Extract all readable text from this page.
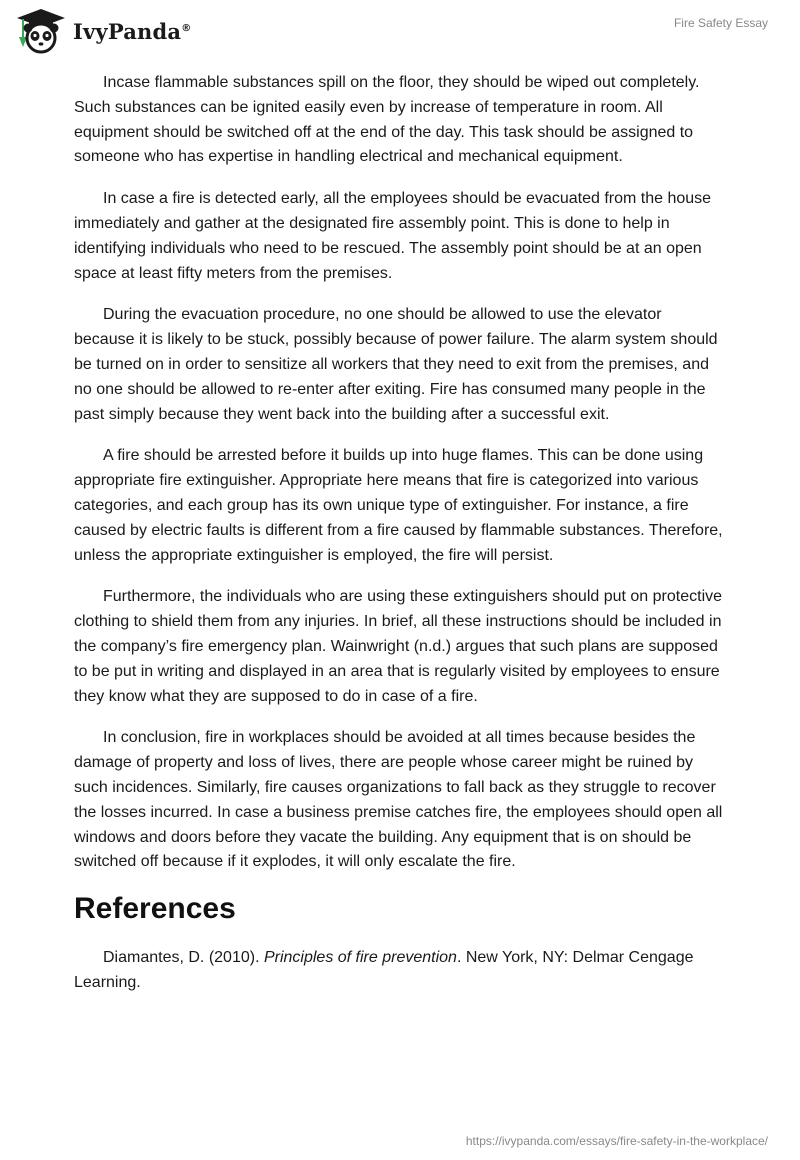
IvyPanda®	Fire Safety Essay

Incase flammable substances spill on the floor, they should be wiped out completely. Such substances can be ignited easily even by increase of temperature in room. All equipment should be switched off at the end of the day. This task should be assigned to someone who has expertise in handling electrical and mechanical equipment.

In case a fire is detected early, all the employees should be evacuated from the house immediately and gather at the designated fire assembly point. This is done to help in identifying individuals who need to be rescued. The assembly point should be at an open space at least fifty meters from the premises.

During the evacuation procedure, no one should be allowed to use the elevator because it is likely to be stuck, possibly because of power failure. The alarm system should be turned on in order to sensitize all workers that they need to exit from the premises, and no one should be allowed to re-enter after exiting. Fire has consumed many people in the past simply because they went back into the building after a successful exit.

A fire should be arrested before it builds up into huge flames. This can be done using appropriate fire extinguisher. Appropriate here means that fire is categorized into various categories, and each group has its own unique type of extinguisher. For instance, a fire caused by electric faults is different from a fire caused by flammable substances. Therefore, unless the appropriate extinguisher is employed, the fire will persist.

Furthermore, the individuals who are using these extinguishers should put on protective clothing to shield them from any injuries. In brief, all these instructions should be included in the company’s fire emergency plan. Wainwright (n.d.) argues that such plans are supposed to be put in writing and displayed in an area that is regularly visited by employees to ensure they know what they are supposed to do in case of a fire.

In conclusion, fire in workplaces should be avoided at all times because besides the damage of property and loss of lives, there are people whose career might be ruined by such incidences. Similarly, fire causes organizations to fall back as they struggle to recover the losses incurred. In case a business premise catches fire, the employees should open all windows and doors before they vacate the building. Any equipment that is on should be switched off because if it explodes, it will only escalate the fire.

References

Diamantes, D. (2010). Principles of fire prevention. New York, NY: Delmar Cengage Learning.

https://ivypanda.com/essays/fire-safety-in-the-workplace/
